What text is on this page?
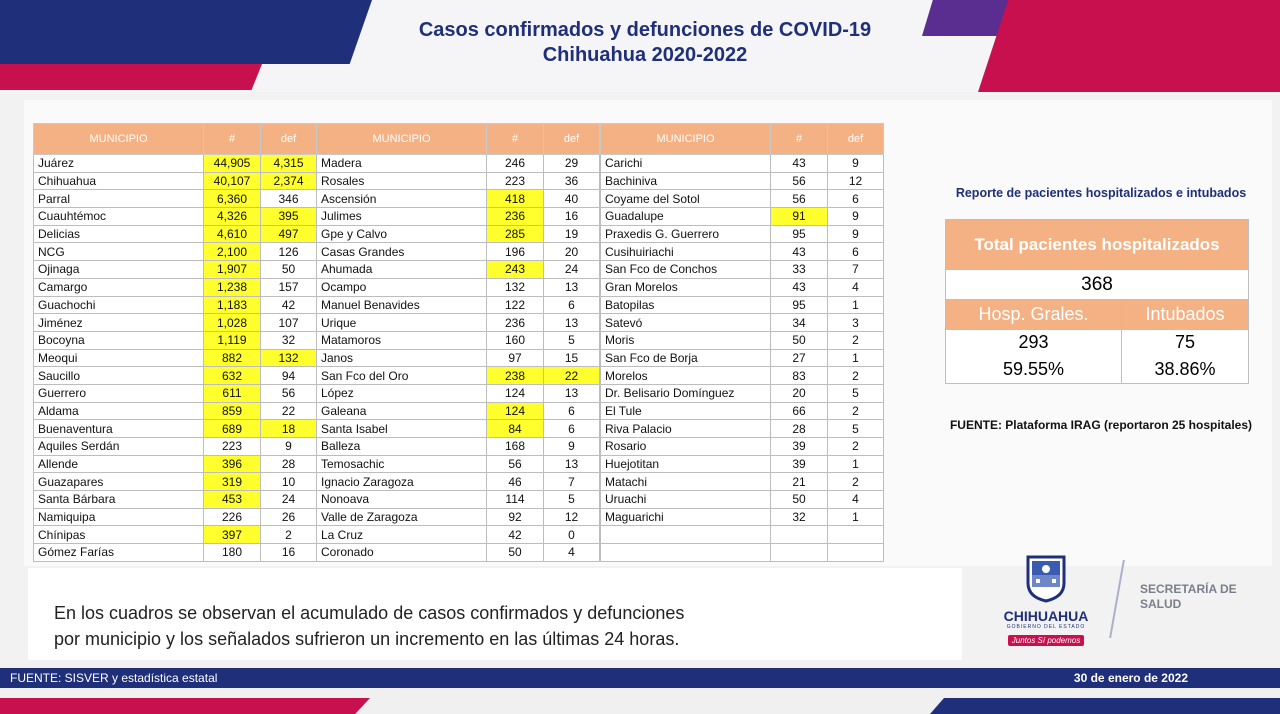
Casos confirmados y defunciones de COVID-19
Chihuahua 2020-2022
MUNICIPIO	#	def
Juárez	44,905	4,315
Chihuahua	40,107	2,374
Parral	6,360	346
Cuauhtémoc	4,326	395
Delicias	4,610	497
NCG	2,100	126
Ojinaga	1,907	50
Camargo	1,238	157
Guachochi	1,183	42
Jiménez	1,028	107
Bocoyna	1,119	32
Meoqui	882	132
Saucillo	632	94
Guerrero	611	56
Aldama	859	22
Buenaventura	689	18
Aquiles Serdán	223	9
Allende	396	28
Guazapares	319	10
Santa Bárbara	453	24
Namiquipa	226	26
Chínipas	397	2
Gómez Farías	180	16
MUNICIPIO	#	def
Madera	246	29
Rosales	223	36
Ascensión	418	40
Julimes	236	16
Gpe y Calvo	285	19
Casas Grandes	196	20
Ahumada	243	24
Ocampo	132	13
Manuel Benavides	122	6
Urique	236	13
Matamoros	160	5
Janos	97	15
San Fco del Oro	238	22
López	124	13
Galeana	124	6
Santa Isabel	84	6
Balleza	168	9
Temosachic	56	13
Ignacio Zaragoza	46	7
Nonoava	114	5
Valle de Zaragoza	92	12
La Cruz	42	0
Coronado	50	4
MUNICIPIO	#	def
Carichi	43	9
Bachiniva	56	12
Coyame del Sotol	56	6
Guadalupe	91	9
Praxedis G. Guerrero	95	9
Cusihuiriachi	43	6
San Fco de Conchos	33	7
Gran Morelos	43	4
Batopilas	95	1
Satevó	34	3
Moris	50	2
San Fco de Borja	27	1
Morelos	83	2
Dr. Belisario Domínguez	20	5
El Tule	66	2
Riva Palacio	28	5
Rosario	39	2
Huejotitan	39	1
Matachi	21	2
Uruachi	50	4
Maguarichi	32	1

Reporte de pacientes hospitalizados e intubados
Total pacientes hospitalizados	
368	
Hosp. Grales.	Intubados
293	75
59.55%	38.86%
FUENTE: Plataforma IRAG (reportaron 25 hospitales)
CHIHUAHUA
GOBIERNO DEL ESTADO
Juntos Sí podemos
SECRETARÍA DE
SALUD
En los cuadros se observan el acumulado de casos confirmados y defunciones
por municipio y los señalados sufrieron un incremento en las últimas 24 horas.
FUENTE: SISVER y estadística estatal	30 de enero de 2022
